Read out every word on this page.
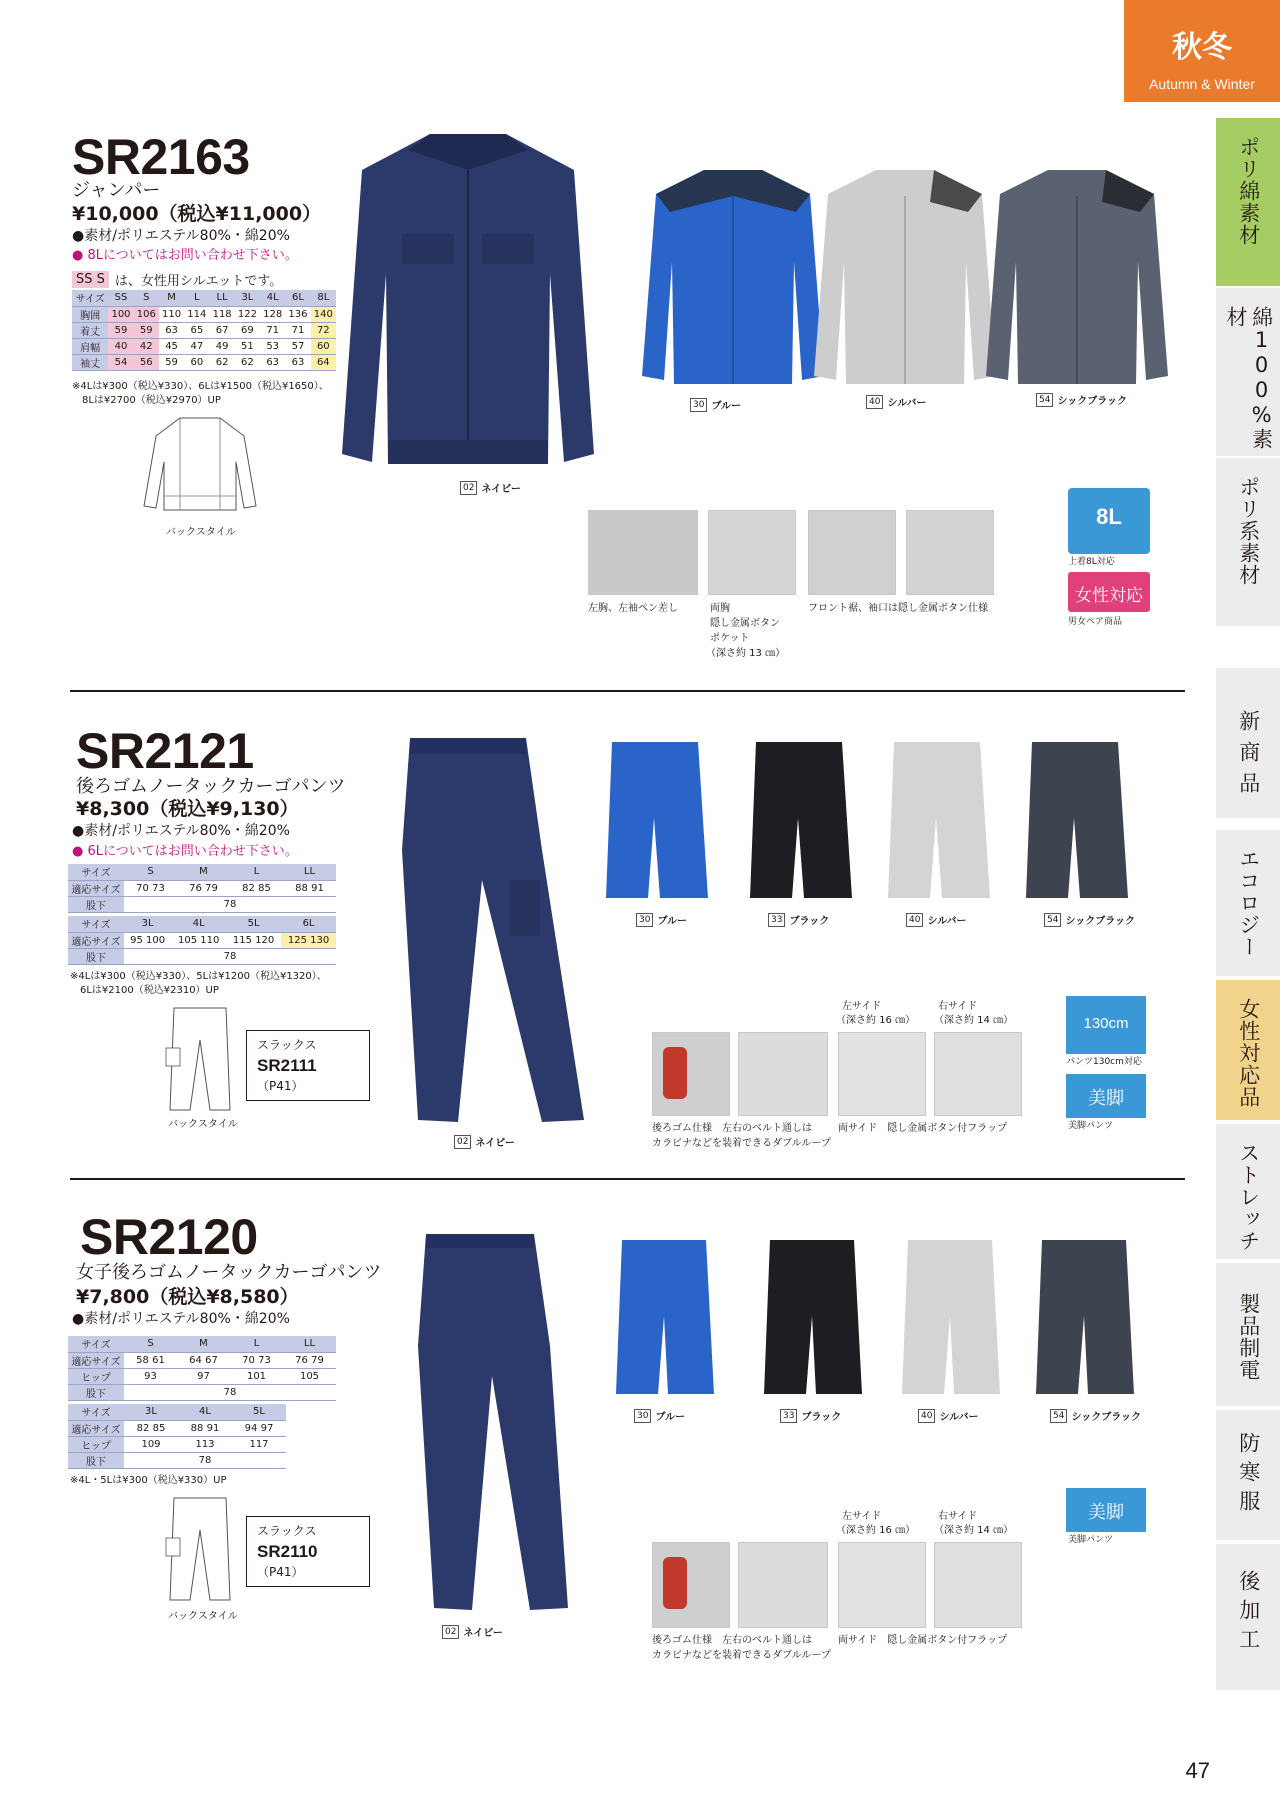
秋冬
Autumn & Winter
ポリ綿素材
綿100%素材
ポリ系素材
新商品
エコロジー
女性対応品
ストレッチ
製品制電
防寒服
後加工
SR2163
ジャンパー
¥10,000（税込¥11,000）
●素材/ポリエステル80%・綿20%
● 8Lについてはお問い合わせ下さい。
SS S は、女性用シルエットです。
サイズ	SS	S	M	L	LL	3L	4L	6L	8L
胸囲	100	106	110	114	118	122	128	136	140
着丈	59	59	63	65	67	69	71	71	72
肩幅	40	42	45	47	49	51	53	57	60
袖丈	54	56	59	60	62	62	63	63	64
※4Lは¥300（税込¥330）、6Lは¥1500（税込¥1650）、
8Lは¥2700（税込¥2970）UP
バックスタイル
02 ネイビー
30 ブルー	40 シルバー	54 シックブラック
左胸、左袖ペン差し	両胸
隠し金属ボタン
ポケット
（深さ約 13 ㎝）
フロント裾、袖口は隠し金属ボタン仕様
8L
上着8L対応
女性対応
男女ペア商品
SR2121
後ろゴムノータックカーゴパンツ
¥8,300（税込¥9,130）
●素材/ポリエステル80%・綿20%
● 6Lについてはお問い合わせ下さい。
サイズ	S	M	L	LL
適応サイズ	70 73	76 79	82 85	88 91
股下	78			
サイズ	3L	4L	5L	6L
適応サイズ	95 100	105 110	115 120	125 130
股下	78			
※4Lは¥300（税込¥330）、5Lは¥1200（税込¥1320）、
6Lは¥2100（税込¥2310）UP
バックスタイル
スラックス
SR2111（P41）
02 ネイビー
30 ブルー	33 ブラック	40 シルバー	54 シックブラック
左サイド
（深さ約 16 ㎝）
右サイド
（深さ約 14 ㎝）
後ろゴム仕様　左右のベルト通しは
カラビナなどを装着できるダブルループ
両サイド　隠し金属ボタン付フラップ
130cm
パンツ130cm対応
美脚
美脚パンツ
SR2120
女子後ろゴムノータックカーゴパンツ
¥7,800（税込¥8,580）
●素材/ポリエステル80%・綿20%
サイズ	S	M	L	LL
適応サイズ	58 61	64 67	70 73	76 79
ヒップ	93	97	101	105
股下	78			
サイズ	3L	4L	5L
適応サイズ	82 85	88 91	94 97
ヒップ	109	113	117
股下	78		
※4L・5Lは¥300（税込¥330）UP
バックスタイル
スラックス
SR2110（P41）
02 ネイビー
30 ブルー	33 ブラック	40 シルバー	54 シックブラック
左サイド
（深さ約 16 ㎝）
右サイド
（深さ約 14 ㎝）
後ろゴム仕様　左右のベルト通しは
カラビナなどを装着できるダブルループ
両サイド　隠し金属ボタン付フラップ
美脚
美脚パンツ
47
